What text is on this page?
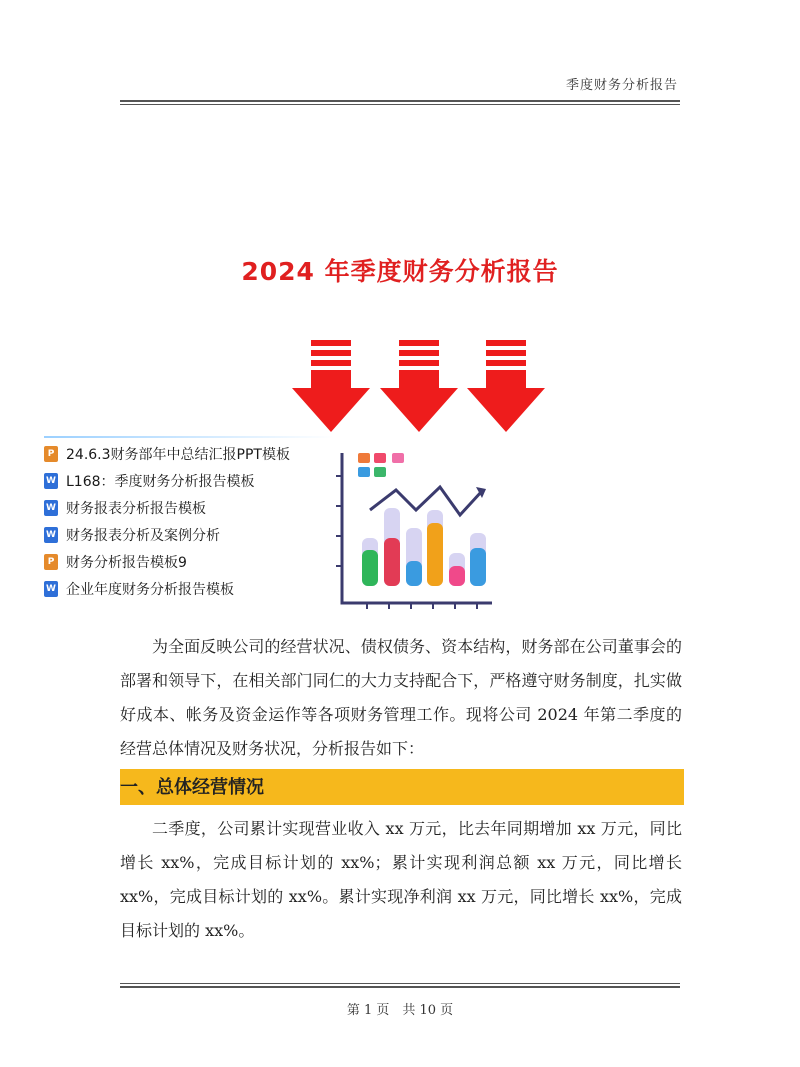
季度财务分析报告
2024 年季度财务分析报告
P 24.6.3财务部年中总结汇报PPT模板
W L168：季度财务分析报告模板
W 财务报表分析报告模板
W 财务报表分析及案例分析
P 财务分析报告模板9
W 企业年度财务分析报告模板

为全面反映公司的经营状况、债权债务、资本结构，财务部在公司董事会的部署和领导下，在相关部门同仁的大力支持配合下，严格遵守财务制度，扎实做好成本、帐务及资金运作等各项财务管理工作。现将公司 2024 年第二季度的经营总体情况及财务状况，分析报告如下：

一、总体经营情况

二季度，公司累计实现营业收入 xx 万元，比去年同期增加 xx 万元，同比增长 xx%，完成目标计划的 xx%；累计实现利润总额 xx 万元，同比增长 xx%，完成目标计划的 xx%。累计实现净利润 xx 万元，同比增长 xx%，完成目标计划的 xx%。

第 1 页　共 10 页
